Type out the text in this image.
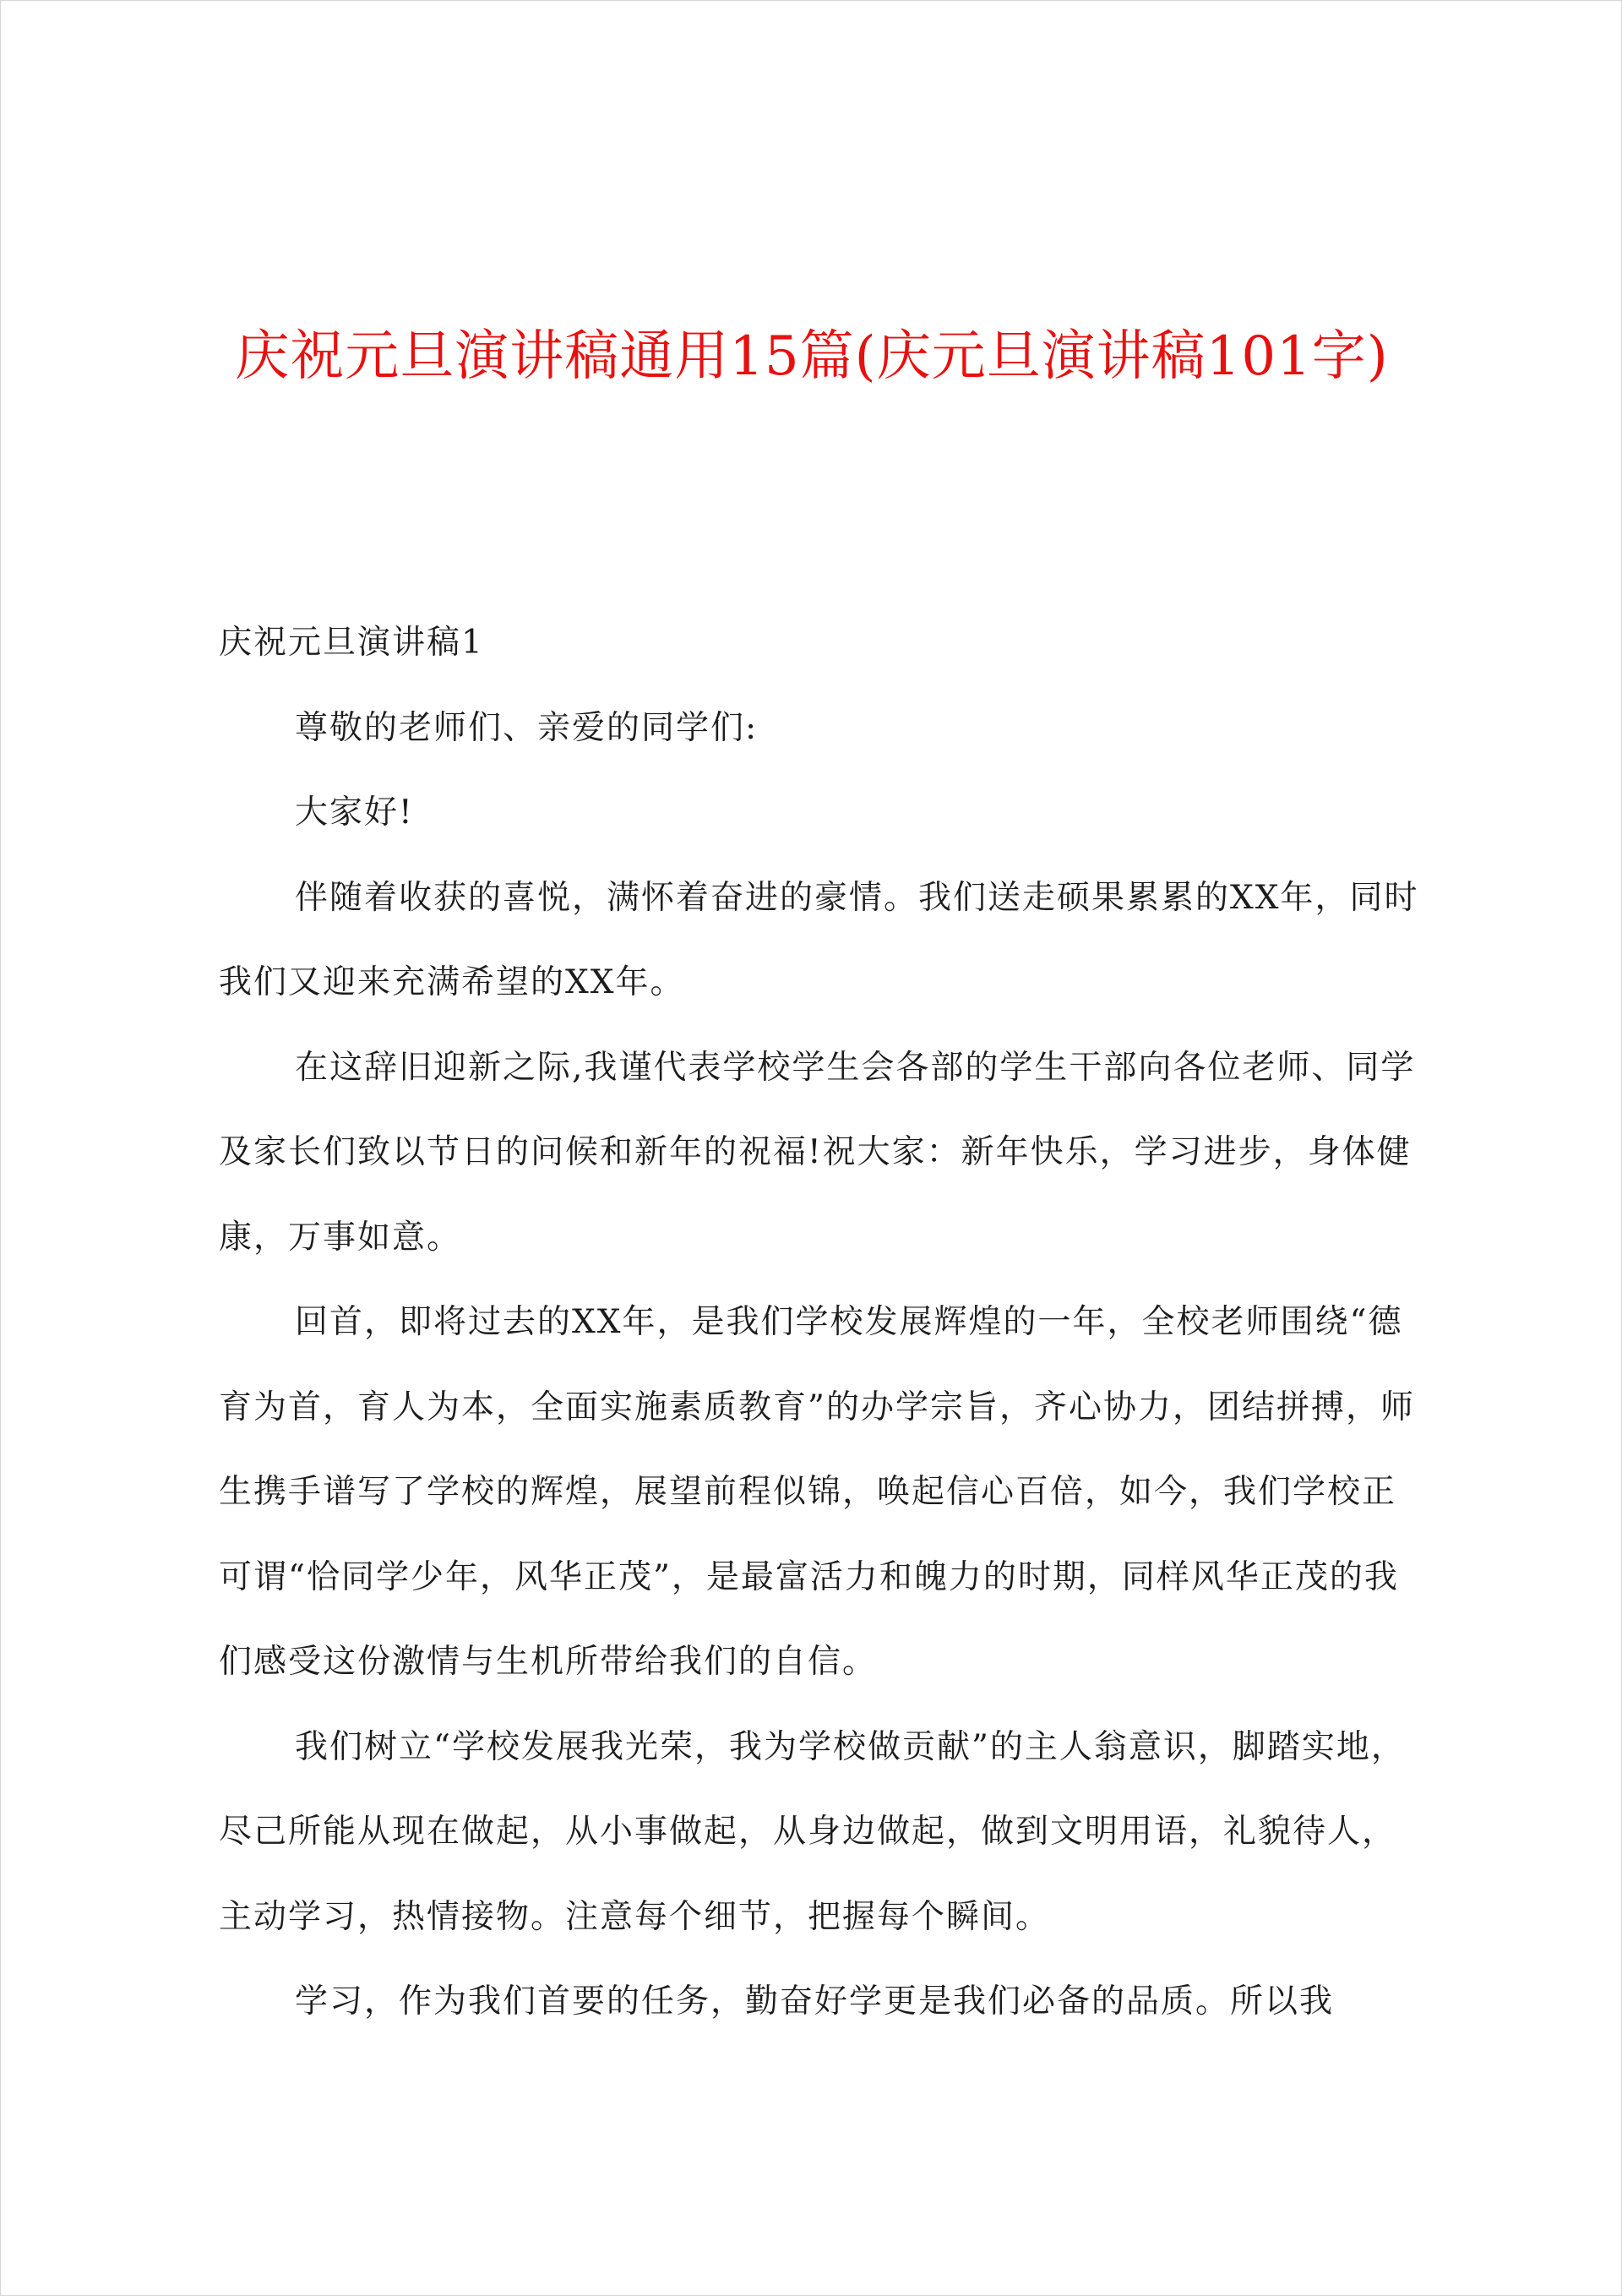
庆祝元旦演讲稿通用15篇(庆元旦演讲稿101字)

庆祝元旦演讲稿1

尊敬的老师们、亲爱的同学们:

大家好!

伴随着收获的喜悦，满怀着奋进的豪情。我们送走硕果累累的XX年，同时我们又迎来充满希望的XX年。

在这辞旧迎新之际,我谨代表学校学生会各部的学生干部向各位老师、同学及家长们致以节日的问候和新年的祝福!祝大家：新年快乐，学习进步，身体健康，万事如意。

回首，即将过去的XX年，是我们学校发展辉煌的一年，全校老师围绕“德育为首，育人为本，全面实施素质教育”的办学宗旨，齐心协力，团结拼搏，师生携手谱写了学校的辉煌，展望前程似锦，唤起信心百倍，如今，我们学校正可谓“恰同学少年，风华正茂”，是最富活力和魄力的时期，同样风华正茂的我们感受这份激情与生机所带给我们的自信。

我们树立“学校发展我光荣，我为学校做贡献”的主人翁意识，脚踏实地，尽己所能从现在做起，从小事做起，从身边做起，做到文明用语，礼貌待人，主动学习，热情接物。注意每个细节，把握每个瞬间。

学习，作为我们首要的任务，勤奋好学更是我们必备的品质。所以我
